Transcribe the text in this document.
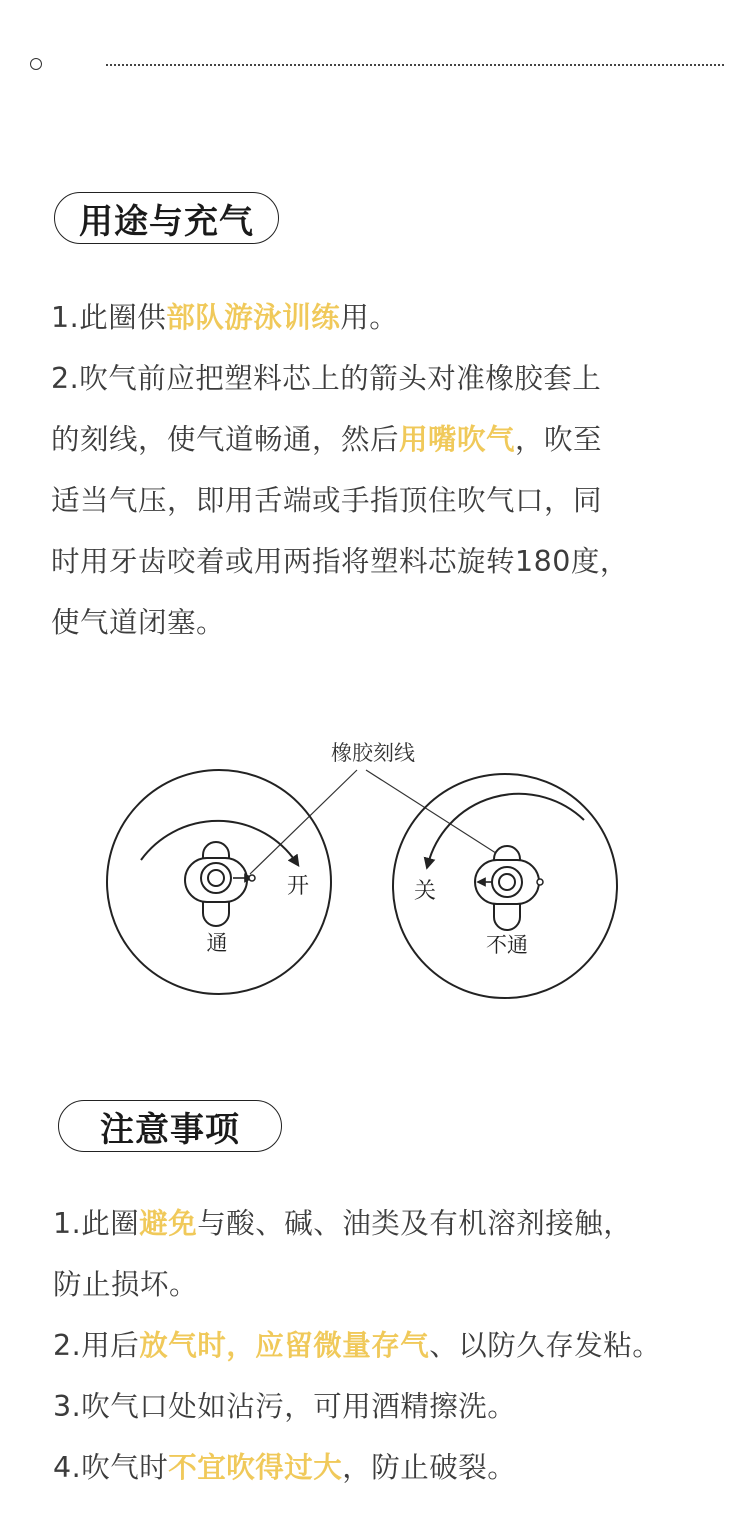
用途与充气
1.此圈供部队游泳训练用。
2.吹气前应把塑料芯上的箭头对准橡胶套上
的刻线，使气道畅通，然后用嘴吹气，吹至
适当气压，即用舌端或手指顶住吹气口，同
时用牙齿咬着或用两指将塑料芯旋转180度，
使气道闭塞。
橡胶刻线
开
通
关
不通
注意事项
1.此圈避免与酸、碱、油类及有机溶剂接触，
防止损坏。
2.用后放气时，应留微量存气、以防久存发粘。
3.吹气口处如沾污，可用酒精擦洗。
4.吹气时不宜吹得过大，防止破裂。
